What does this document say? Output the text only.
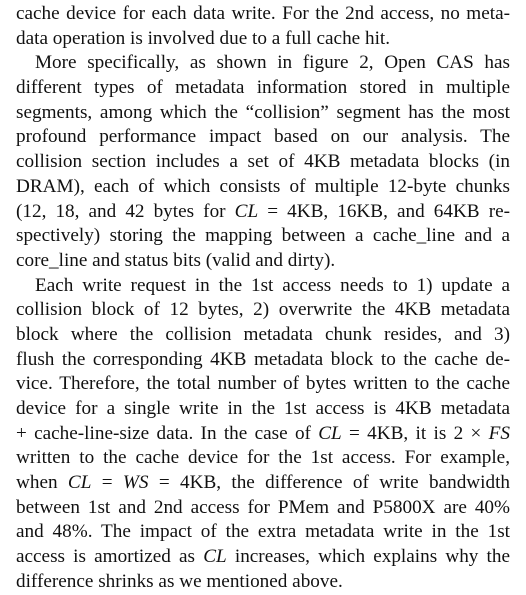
cache device for each data write. For the 2nd access, no meta-
data operation is involved due to a full cache hit.
More specifically, as shown in figure 2, Open CAS has
different types of metadata information stored in multiple
segments, among which the “collision” segment has the most
profound performance impact based on our analysis. The
collision section includes a set of 4KB metadata blocks (in
DRAM), each of which consists of multiple 12-byte chunks
(12, 18, and 42 bytes for CL = 4KB, 16KB, and 64KB re-
spectively) storing the mapping between a cache_line and a
core_line and status bits (valid and dirty).
Each write request in the 1st access needs to 1) update a
collision block of 12 bytes, 2) overwrite the 4KB metadata
block where the collision metadata chunk resides, and 3)
flush the corresponding 4KB metadata block to the cache de-
vice. Therefore, the total number of bytes written to the cache
device for a single write in the 1st access is 4KB metadata
+ cache-line-size data. In the case of CL = 4KB, it is 2 × FS
written to the cache device for the 1st access. For example,
when CL = WS = 4KB, the difference of write bandwidth
between 1st and 2nd access for PMem and P5800X are 40%
and 48%. The impact of the extra metadata write in the 1st
access is amortized as CL increases, which explains why the
difference shrinks as we mentioned above.
